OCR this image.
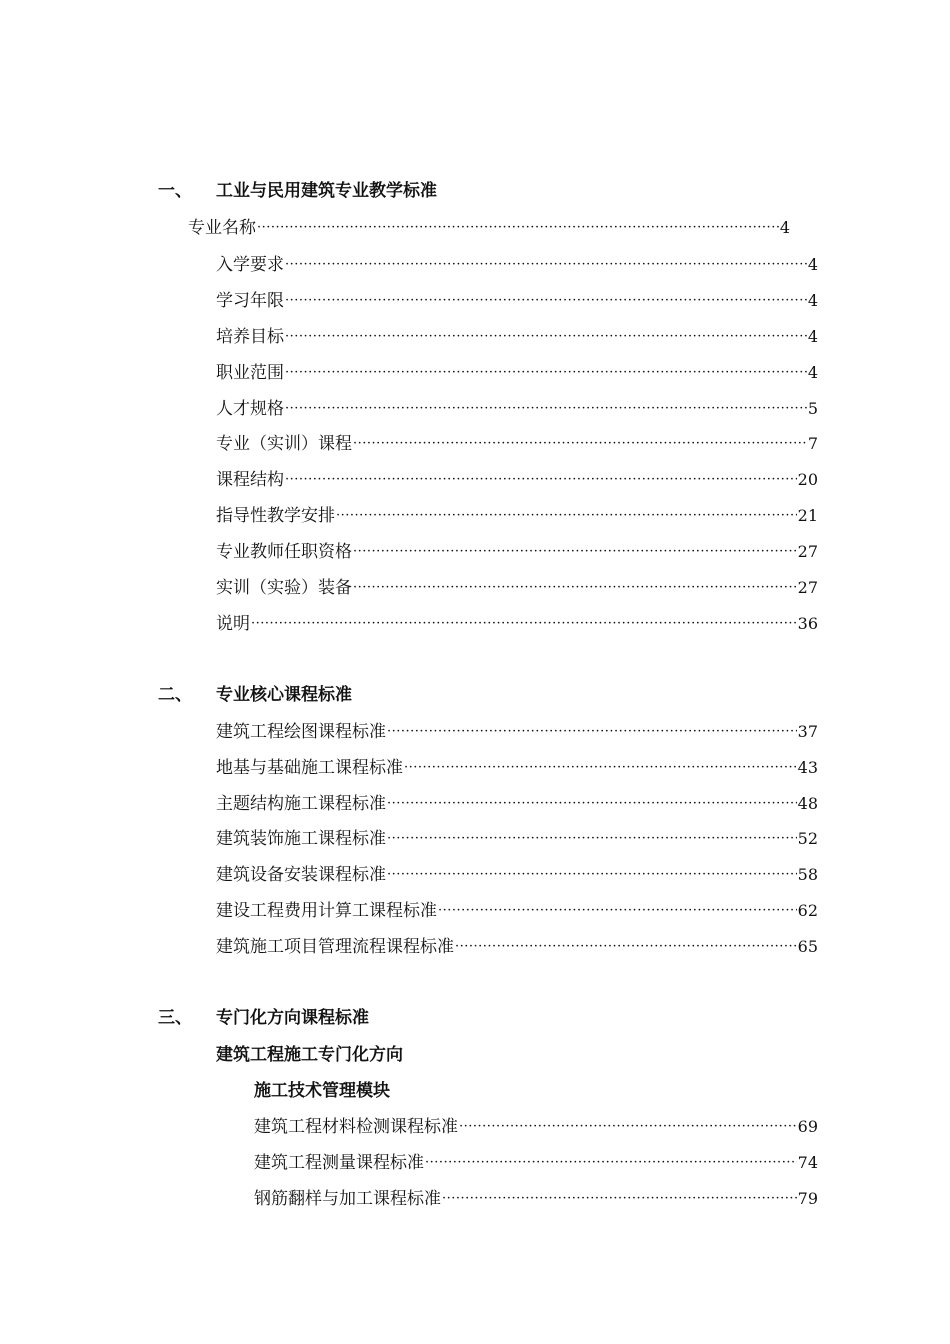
一、 工业与民用建筑专业教学标准
专业名称 ·····	4
入学要求 ·····	4
学习年限 ·····	4
培养目标 ·····	4
职业范围 ·····	4
人才规格 ·····	5
专业（实训）课程 ·····	7
课程结构 ·····	20
指导性教学安排 ·····	21
专业教师任职资格 ·····	27
实训（实验）装备 ·····	27
说明 ·····	36
二、 专业核心课程标准
建筑工程绘图课程标准 ·····	37
地基与基础施工课程标准 ·····	43
主题结构施工课程标准 ·····	48
建筑装饰施工课程标准 ·····	52
建筑设备安装课程标准 ·····	58
建设工程费用计算工课程标准 ·····	62
建筑施工项目管理流程课程标准 ·····	65
三、 专门化方向课程标准
建筑工程施工专门化方向
施工技术管理模块
建筑工程材料检测课程标准 ·····	69
建筑工程测量课程标准 ·····	74
钢筋翻样与加工课程标准 ·····	79
